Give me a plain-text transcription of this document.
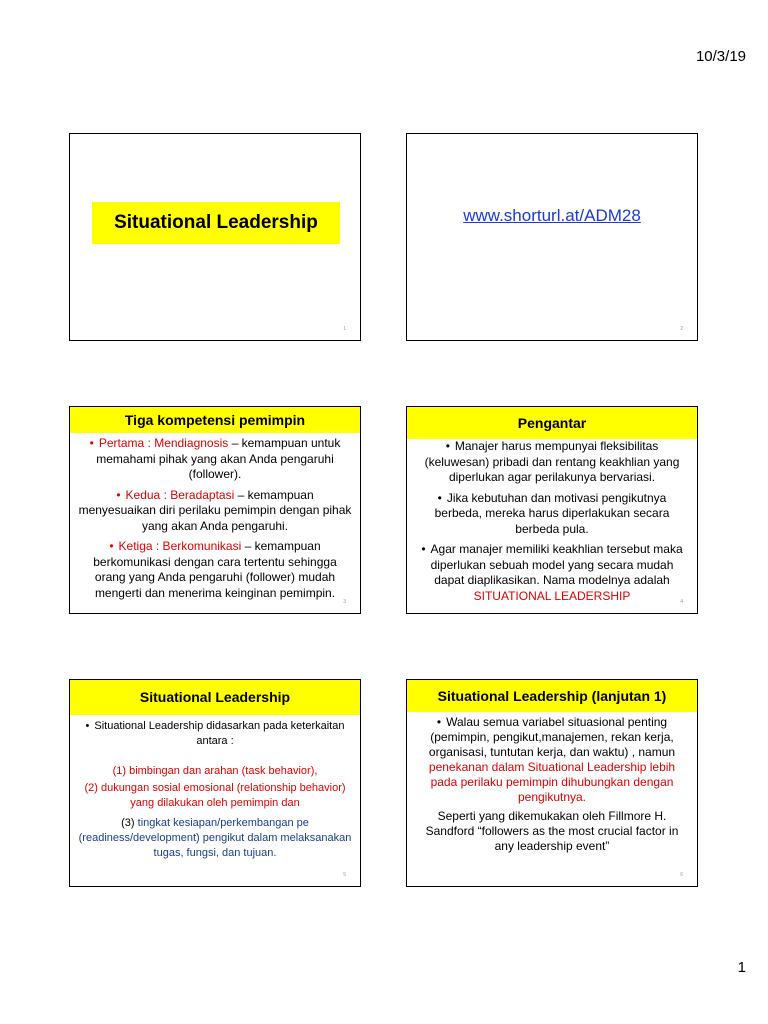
10/3/19
Situational Leadership
1
www.shorturl.at/ADM28
2
Tiga kompetensi pemimpin

• Pertama : Mendiagnosis – kemampuan untuk memahami pihak yang akan Anda pengaruhi (follower).

• Kedua : Beradaptasi – kemampuan menyesuaikan diri perilaku pemimpin dengan pihak yang akan Anda pengaruhi.

• Ketiga : Berkomunikasi – kemampuan berkomunikasi dengan cara tertentu sehingga orang yang Anda pengaruhi (follower) mudah mengerti dan menerima keinginan pemimpin.

3
Pengantar

• Manajer harus mempunyai fleksibilitas (keluwesan) pribadi dan rentang keakhlian yang diperlukan agar perilakunya bervariasi.

• Jika kebutuhan dan motivasi pengikutnya berbeda, mereka harus diperlakukan secara berbeda pula.

• Agar manajer memiliki keakhlian tersebut maka diperlukan sebuah model yang secara mudah dapat diaplikasikan. Nama modelnya adalah SITUATIONAL LEADERSHIP	4
Situational Leadership

• Situational Leadership didasarkan pada keterkaitan antara :

(1) bimbingan dan arahan (task behavior),

(2) dukungan sosial emosional (relationship behavior) yang dilakukan oleh pemimpin dan

(3) tingkat kesiapan/perkembangan pe (readiness/development) pengikut dalam melaksanakan tugas, fungsi, dan tujuan.

5
Situational Leadership (lanjutan 1)

• Walau semua variabel situasional penting (pemimpin, pengikut,manajemen, rekan kerja, organisasi, tuntutan kerja, dan waktu) , namun penekanan dalam Situational Leadership lebih pada perilaku pemimpin dihubungkan dengan pengikutnya.

Seperti yang dikemukakan oleh Fillmore H. Sandford “followers as the most crucial factor in any leadership event”

6
1
